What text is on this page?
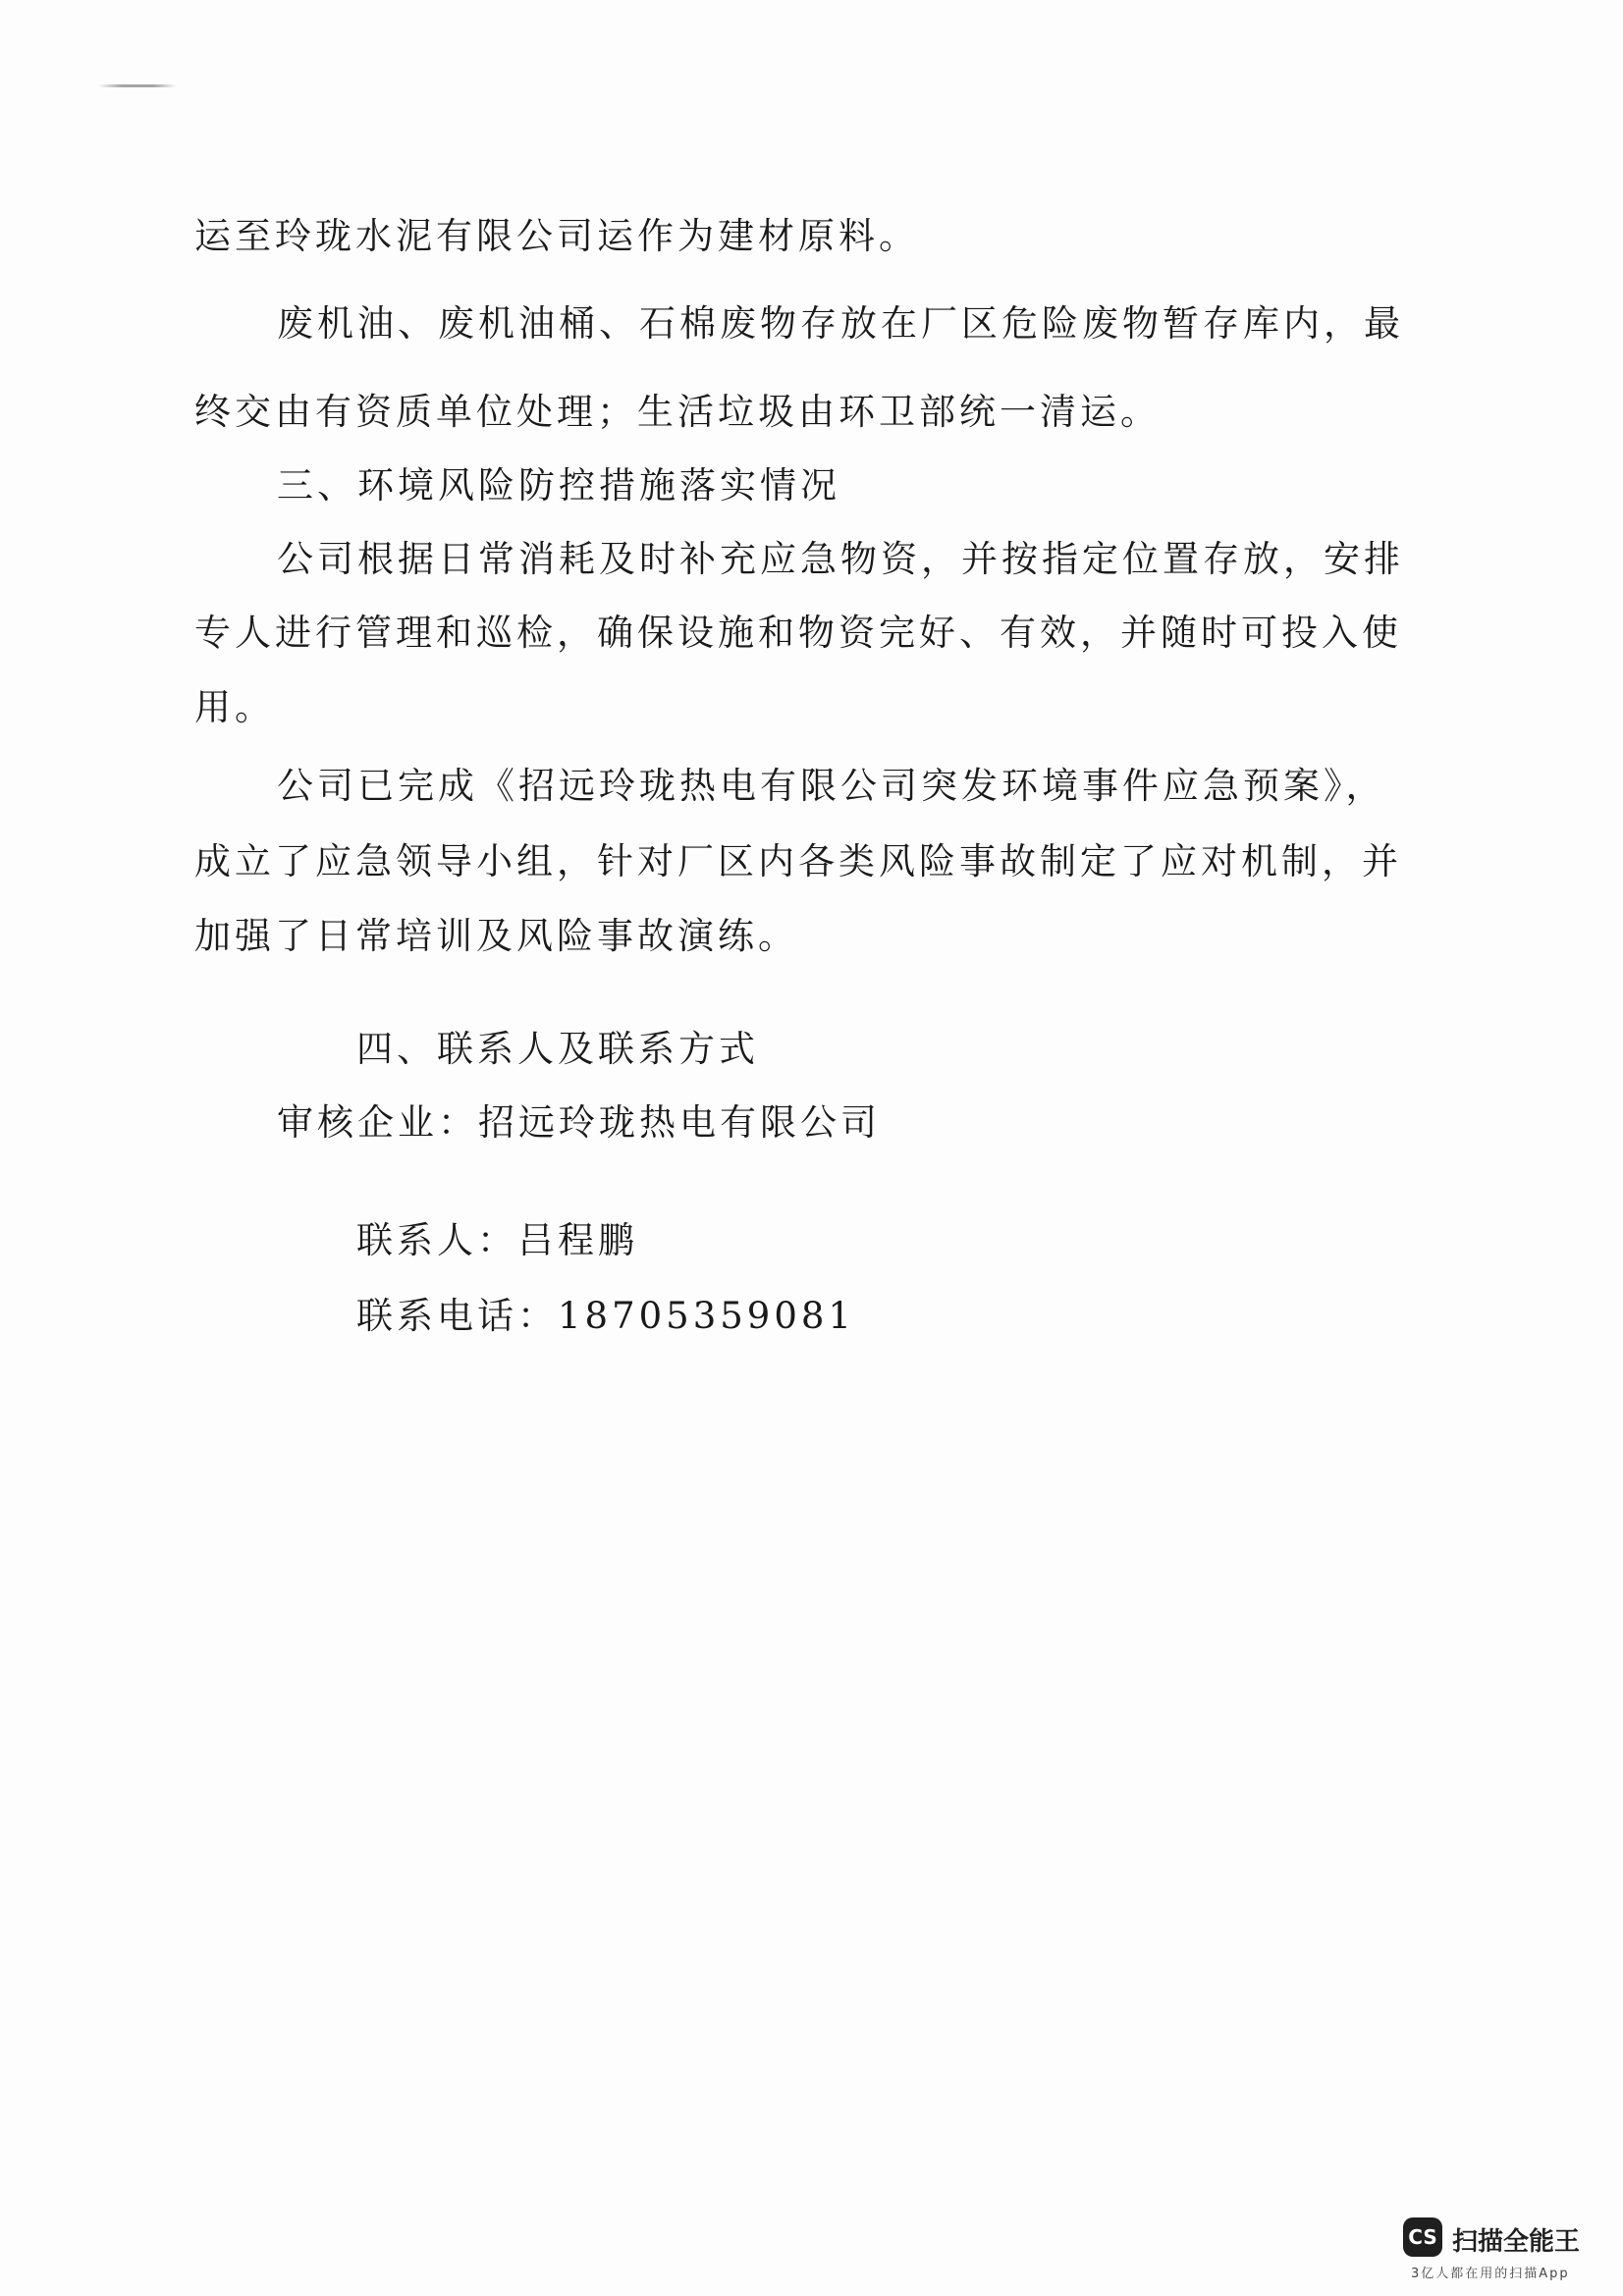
运至玲珑水泥有限公司运作为建材原料。
废机油、废机油桶、石棉废物存放在厂区危险废物暂存库内，最
终交由有资质单位处理；生活垃圾由环卫部统一清运。
三、环境风险防控措施落实情况
公司根据日常消耗及时补充应急物资，并按指定位置存放，安排
专人进行管理和巡检，确保设施和物资完好、有效，并随时可投入使
用。
公司已完成《招远玲珑热电有限公司突发环境事件应急预案》，
成立了应急领导小组，针对厂区内各类风险事故制定了应对机制，并
加强了日常培训及风险事故演练。
四、联系人及联系方式
审核企业：招远玲珑热电有限公司
联系人：吕程鹏
联系电话：18705359081
CS 扫描全能王
3亿人都在用的扫描App
